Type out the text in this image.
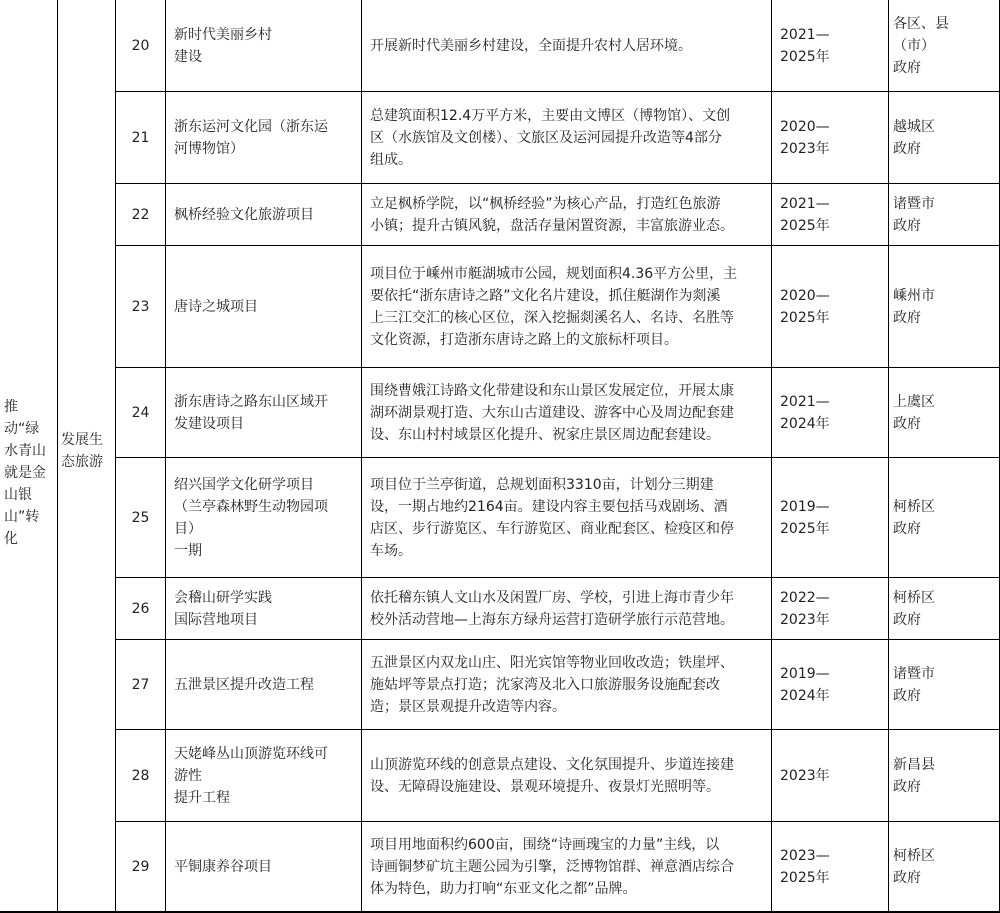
推
动“绿
水青山
就是金
山银
山”转
化
发展生
态旅游
20
新时代美丽乡村
建设
开展新时代美丽乡村建设，全面提升农村人居环境。
2021—
2025年
各区、县
（市）
政府
21
浙东运河文化园（浙东运
河博物馆）
总建筑面积12.4万平方米，主要由文博区（博物馆）、文创
区（水族馆及文创楼）、文旅区及运河园提升改造等4部分
组成。
2020—
2023年
越城区
政府
22 枫桥经验文化旅游项目
立足枫桥学院，以“枫桥经验”为核心产品，打造红色旅游
小镇；提升古镇风貌，盘活存量闲置资源，丰富旅游业态。
2021—
2025年
诸暨市
政府
23 唐诗之城项目
项目位于嵊州市艇湖城市公园，规划面积4.36平方公里，主
要依托“浙东唐诗之路”文化名片建设，抓住艇湖作为剡溪
上三江交汇的核心区位，深入挖掘剡溪名人、名诗、名胜等
文化资源，打造浙东唐诗之路上的文旅标杆项目。
2020—
2025年
嵊州市
政府
24
浙东唐诗之路东山区域开
发建设项目
围绕曹娥江诗路文化带建设和东山景区发展定位，开展太康
湖环湖景观打造、大东山古道建设、游客中心及周边配套建
设、东山村村域景区化提升、祝家庄景区周边配套建设。
2021—
2024年
上虞区
政府
25
绍兴国学文化研学项目
（兰亭森林野生动物园项
目）
一期
项目位于兰亭街道，总规划面积3310亩，计划分三期建
设，一期占地约2164亩。建设内容主要包括马戏剧场、酒
店区、步行游览区、车行游览区、商业配套区、检疫区和停
车场。
2019—
2025年
柯桥区
政府
26
会稽山研学实践
国际营地项目
依托稽东镇人文山水及闲置厂房、学校，引进上海市青少年
校外活动营地—上海东方绿舟运营打造研学旅行示范营地。
2022—
2023年
柯桥区
政府
27 五泄景区提升改造工程
五泄景区内双龙山庄、阳光宾馆等物业回收改造；铁崖坪、
施姑坪等景点打造；沈家湾及北入口旅游服务设施配套改
造；景区景观提升改造等内容。
2019—
2024年
诸暨市
政府
28
天姥峰丛山顶游览环线可
游性
提升工程
山顶游览环线的创意景点建设、文化氛围提升、步道连接建
设、无障碍设施建设、景观环境提升、夜景灯光照明等。
2023年
新昌县
政府
29 平铜康养谷项目
项目用地面积约600亩，围绕“诗画瑰宝的力量”主线，以
诗画铜梦矿坑主题公园为引擎，泛博物馆群、禅意酒店综合
体为特色，助力打响“东亚文化之都”品牌。
2023—
2025年
柯桥区
政府
